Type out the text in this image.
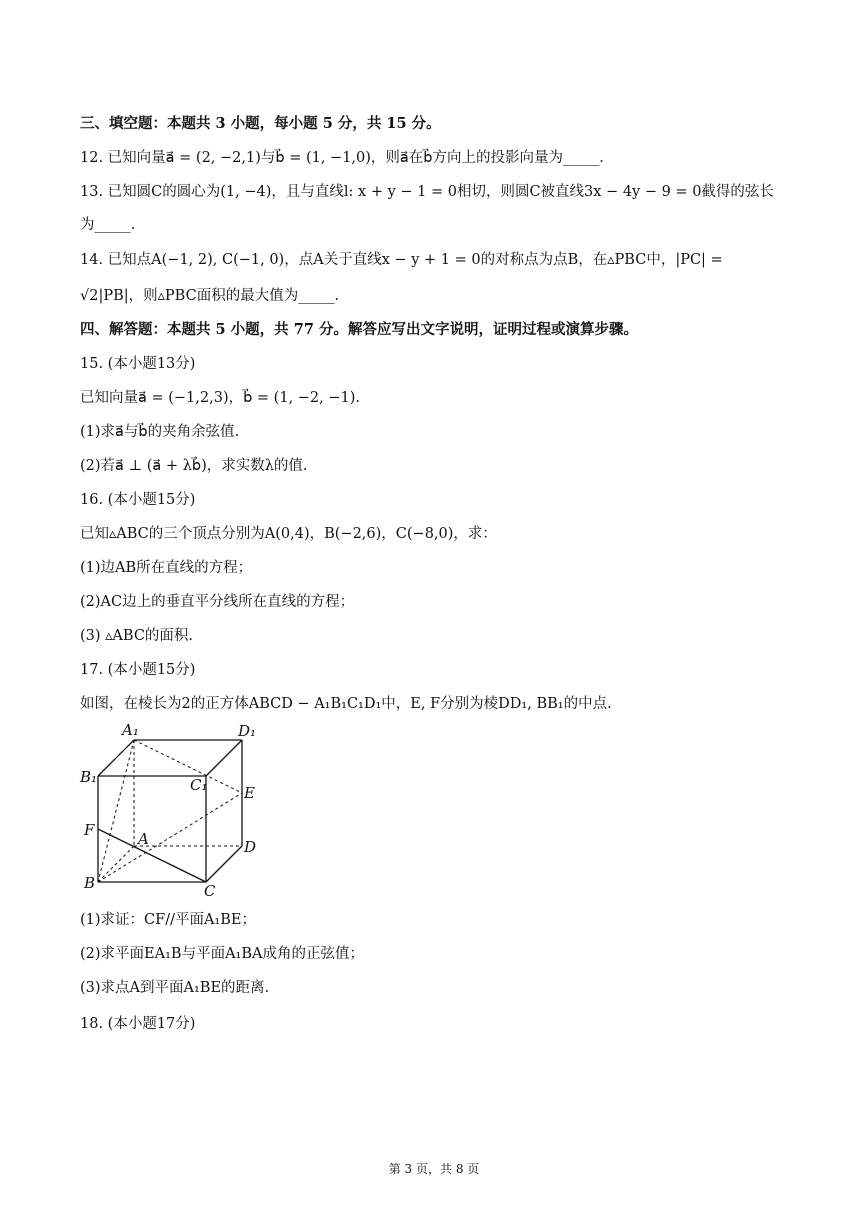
三、填空题：本题共 3 小题，每小题 5 分，共 15 分。
12. 已知向量a⃗ = (2, −2,1)与b⃗ = (1, −1,0)，则a⃗在b⃗方向上的投影向量为_____.
13. 已知圆C的圆心为(1, −4)，且与直线l: x + y − 1 = 0相切，则圆C被直线3x − 4y − 9 = 0截得的弦长
为_____.
14. 已知点A(−1, 2), C(−1, 0)，点A关于直线x − y + 1 = 0的对称点为点B，在▵PBC中，|PC| =
√2|PB|，则▵PBC面积的最大值为_____.
四、解答题：本题共 5 小题，共 77 分。解答应写出文字说明，证明过程或演算步骤。
15. (本小题13分)
已知向量a⃗ = (−1,2,3)，b⃗ = (1, −2, −1).
(1)求a⃗与b⃗的夹角余弦值.
(2)若a⃗ ⊥ (a⃗ + λb⃗)，求实数λ的值.
16. (本小题15分)
已知▵ABC的三个顶点分别为A(0,4)，B(−2,6)，C(−8,0)，求：
(1)边AB所在直线的方程；
(2)AC边上的垂直平分线所在直线的方程；
(3) ▵ABC的面积.
17. (本小题15分)
如图，在棱长为2的正方体ABCD − A₁B₁C₁D₁中，E, F分别为棱DD₁, BB₁的中点.
A₁	D₁
B₁	C₁ E
F	A	D
B	C
(1)求证：CF//平面A₁BE；
(2)求平面EA₁B与平面A₁BA成角的正弦值；
(3)求点A到平面A₁BE的距离.
18. (本小题17分)
第 3 页，共 8 页
